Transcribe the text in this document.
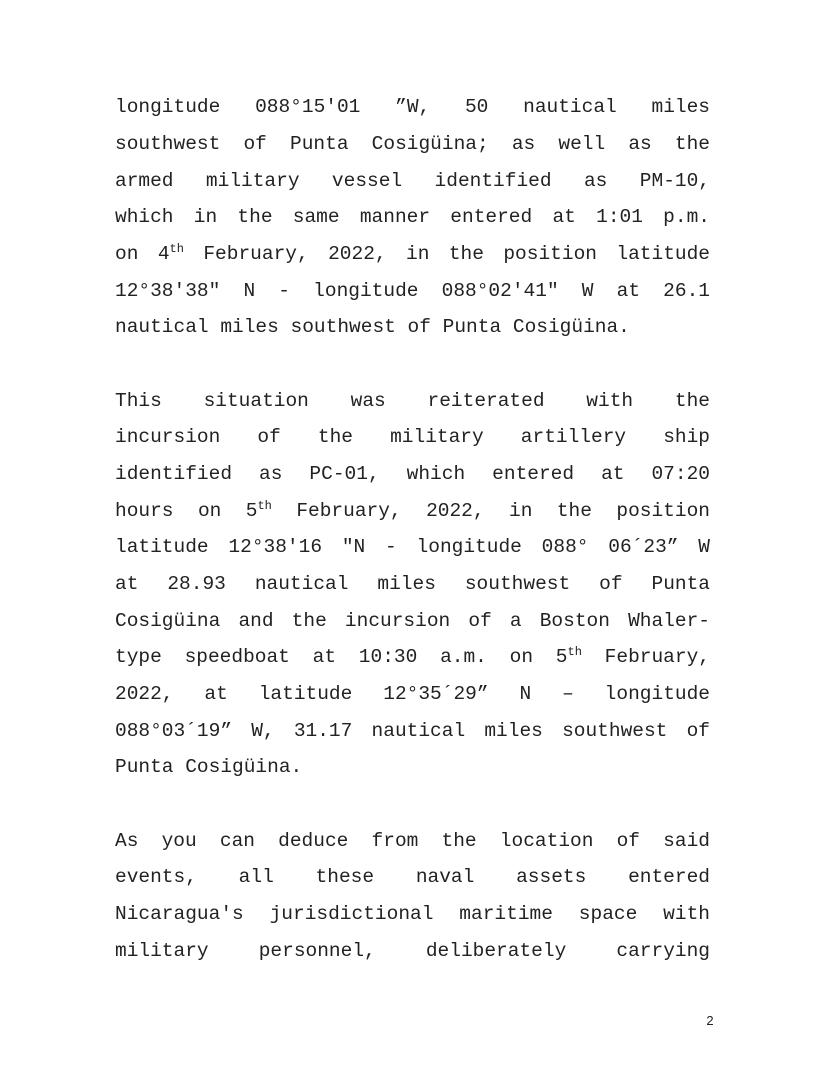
longitude 088°15'01 ”W, 50 nautical miles

southwest of Punta Cosigüina; as well as the

armed military vessel identified as PM-10,

which in the same manner entered at 1:01 p.m.

on 4th February, 2022, in the position latitude

12°38'38" N - longitude 088°02'41" W at 26.1

nautical miles southwest of Punta Cosigüina.

This situation was reiterated with the

incursion of the military artillery ship

identified as PC-01, which entered at 07:20

hours on 5th February, 2022, in the position

latitude 12°38'16 "N - longitude 088° 06´23” W

at 28.93 nautical miles southwest of Punta

Cosigüina and the incursion of a Boston Whaler-

type speedboat at 10:30 a.m. on 5th February,

2022, at latitude 12°35´29” N – longitude

088°03´19” W, 31.17 nautical miles southwest of

Punta Cosigüina.

As you can deduce from the location of said

events, all these naval assets entered

Nicaragua's jurisdictional maritime space with

military personnel, deliberately carrying

2
